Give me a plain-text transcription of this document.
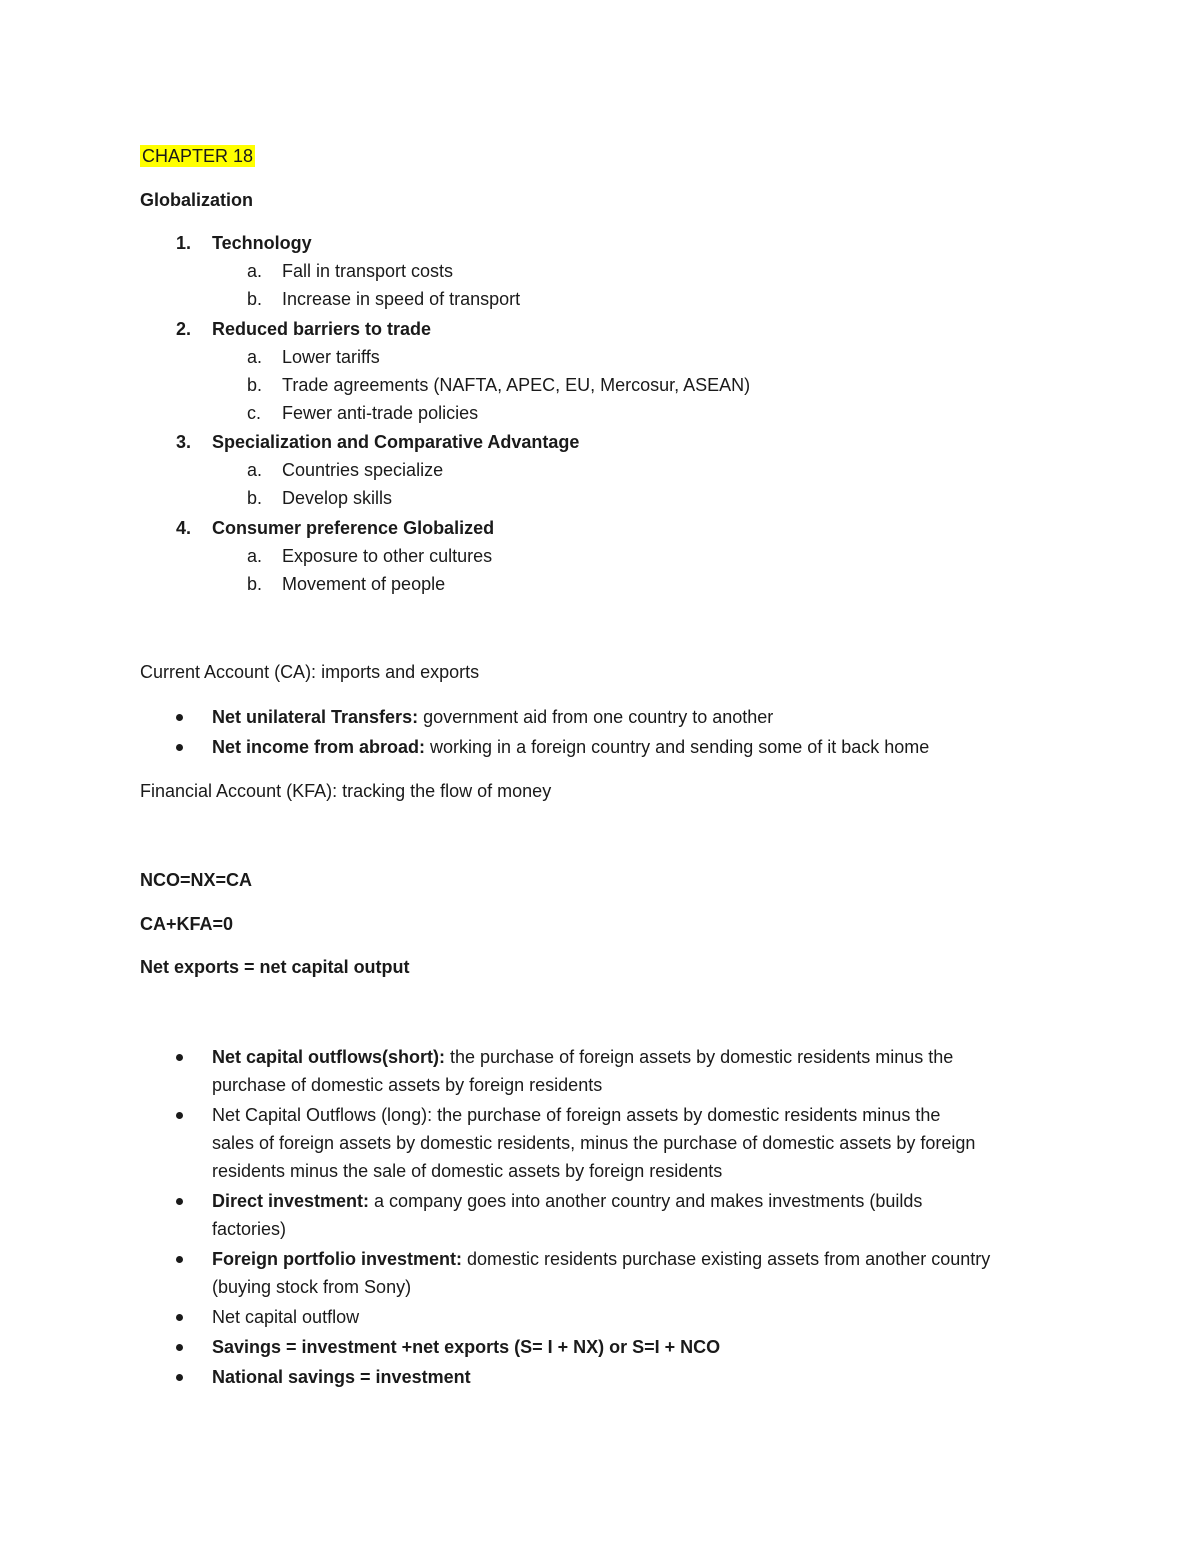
CHAPTER 18
Globalization
1. Technology
a. Fall in transport costs
b. Increase in speed of transport
2. Reduced barriers to trade
a. Lower tariffs
b. Trade agreements (NAFTA, APEC, EU, Mercosur, ASEAN)
c. Fewer anti-trade policies
3. Specialization and Comparative Advantage
a. Countries specialize
b. Develop skills
4. Consumer preference Globalized
a. Exposure to other cultures
b. Movement of people
Current Account (CA): imports and exports
Net unilateral Transfers: government aid from one country to another
Net income from abroad: working in a foreign country and sending some of it back home
Financial Account (KFA): tracking the flow of money
NCO=NX=CA
CA+KFA=0
Net exports = net capital output
Net capital outflows(short): the purchase of foreign assets by domestic residents minus the
purchase of domestic assets by foreign residents
Net Capital Outflows (long): the purchase of foreign assets by domestic residents minus the
sales of foreign assets by domestic residents, minus the purchase of domestic assets by foreign
residents minus the sale of domestic assets by foreign residents
Direct investment: a company goes into another country and makes investments (builds
factories)
Foreign portfolio investment: domestic residents purchase existing assets from another country
(buying stock from Sony)
Net capital outflow
Savings = investment +net exports (S= I + NX) or S=I + NCO
National savings = investment
